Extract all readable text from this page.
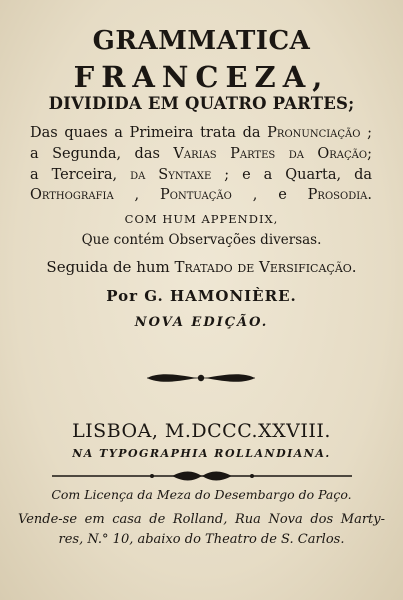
GRAMMATICA
FRANCEZA,
DIVIDIDA EM QUATRO PARTES;
Das quaes a Primeira trata da Pronunciação ;
a Segunda, das Varias Partes da Oração;
a Terceira, da Syntaxe ; e a Quarta, da
Orthografia , Pontuação , e Prosodia.
COM HUM APPENDIX,
Que contém Observações diversas.
Seguida de hum Tratado de Versificação.
Por G. HAMONIÈRE.
NOVA EDIÇÃO.
LISBOA, M.DCCC.XXVIII.
NA TYPOGRAPHIA ROLLANDIANA.
Com Licença da Meza do Desembargo do Paço.
Vende-se em casa de Rolland, Rua Nova dos Marty-
res, N.° 10, abaixo do Theatro de S. Carlos.
